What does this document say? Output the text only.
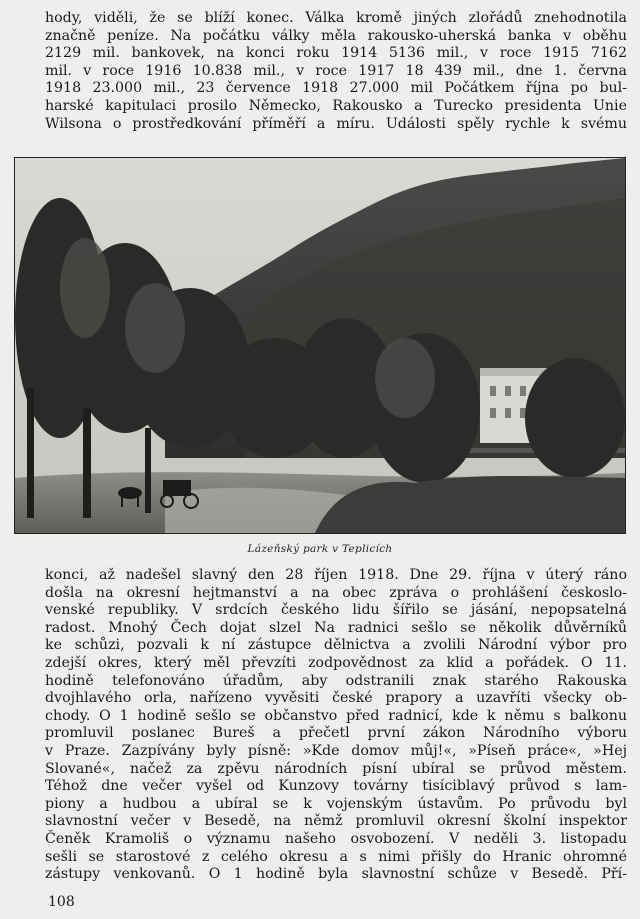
hody, viděli, že se blíží konec. Válka kromě jiných zlořádů znehodnotila
značně peníze. Na počátku války měla rakousko-uherská banka v oběhu
2129 mil. bankovek, na konci roku 1914 5136 mil., v roce 1915 7162
mil. v roce 1916 10.838 mil., v roce 1917 18 439 mil., dne 1. června
1918 23.000 mil., 23 července 1918 27.000 mil Počátkem října po bul-
harské kapitulaci prosilo Německo, Rakousko a Turecko presidenta Unie
Wilsona o prostředkování příměří a míru. Události spěly rychle k svému
Lázeňský park v Teplicích
konci, až nadešel slavný den 28 říjen 1918. Dne 29. října v úterý ráno
došla na okresní hejtmanství a na obec zpráva o prohlášení českoslo-
venské republiky. V srdcích českého lidu šířilo se jásání, nepopsatelná
radost. Mnohý Čech dojat slzel Na radnici sešlo se několik důvěrníků
ke schůzi, pozvali k ní zástupce dělnictva a zvolili Národní výbor pro
zdejší okres, který měl převzíti zodpovědnost za klid a pořádek. O 11.
hodině telefonováno úřadům, aby odstranili znak starého Rakouska
dvojhlavého orla, nařízeno vyvěsiti české prapory a uzavříti všecky ob-
chody. O 1 hodině sešlo se občanstvo před radnicí, kde k němu s balkonu
promluvil poslanec Bureš a přečetl první zákon Národního výboru
v Praze. Zazpívány byly písně: »Kde domov můj!«, »Píseň práce«, »Hej
Slované«, načež za zpěvu národních písní ubíral se průvod městem.
Téhož dne večer vyšel od Kunzovy továrny tisíciblavý průvod s lam-
piony a hudbou a ubíral se k vojenským ústavům. Po průvodu byl
slavnostní večer v Besedě, na němž promluvil okresní školní inspektor
Čeněk Kramoliš o významu našeho osvobození. V neděli 3. listopadu
sešli se starostové z celého okresu a s nimi přišly do Hranic ohromné
zástupy venkovanů. O 1 hodině byla slavnostní schůze v Besedě. Pří-
108
